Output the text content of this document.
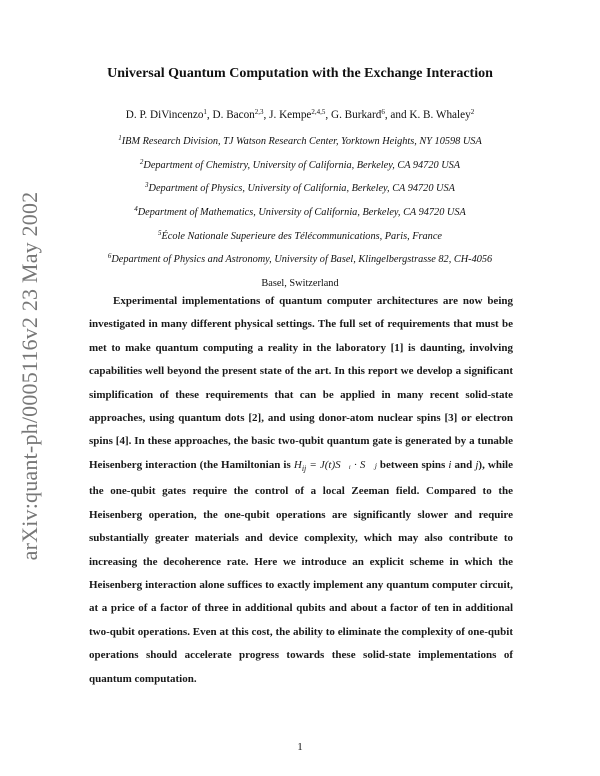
arXiv:quant-ph/0005116v2 23 May 2002
Universal Quantum Computation with the Exchange Interaction
D. P. DiVincenzo$^1$, D. Bacon$^{2,3}$, J. Kempe$^{2,4,5}$, G. Burkard$^6$, and K. B. Whaley$^2$
$^1$IBM Research Division, TJ Watson Research Center, Yorktown Heights, NY 10598 USA
$^2$Department of Chemistry, University of California, Berkeley, CA 94720 USA
$^3$Department of Physics, University of California, Berkeley, CA 94720 USA
$^4$Department of Mathematics, University of California, Berkeley, CA 94720 USA
$^5$École Nationale Superieure des Télécommunications, Paris, France
$^6$Department of Physics and Astronomy, University of Basel, Klingelbergstrasse 82, CH-4056
Basel, Switzerland
Experimental implementations of quantum computer architectures are now being investigated in many different physical settings. The full set of requirements that must be met to make quantum computing a reality in the laboratory [1] is daunting, involving capabilities well beyond the present state of the art. In this report we develop a significant simplification of these requirements that can be applied in many recent solid-state approaches, using quantum dots [2], and using donor-atom nuclear spins [3] or electron spins [4]. In these approaches, the basic two-qubit quantum gate is generated by a tunable Heisenberg interaction (the Hamiltonian is $H_{ij}$ = J(t)S⃗ᵢ · S⃗ⱼ between spins i and j), while the one-qubit gates require the control of a local Zeeman field. Compared to the Heisenberg operation, the one-qubit operations are significantly slower and require substantially greater materials and device complexity, which may also contribute to increasing the decoherence rate. Here we introduce an explicit scheme in which the Heisenberg interaction alone suffices to exactly implement any quantum computer circuit, at a price of a factor of three in additional qubits and about a factor of ten in additional two-qubit operations. Even at this cost, the ability to eliminate the complexity of one-qubit operations should accelerate progress towards these solid-state implementations of quantum computation.
1
